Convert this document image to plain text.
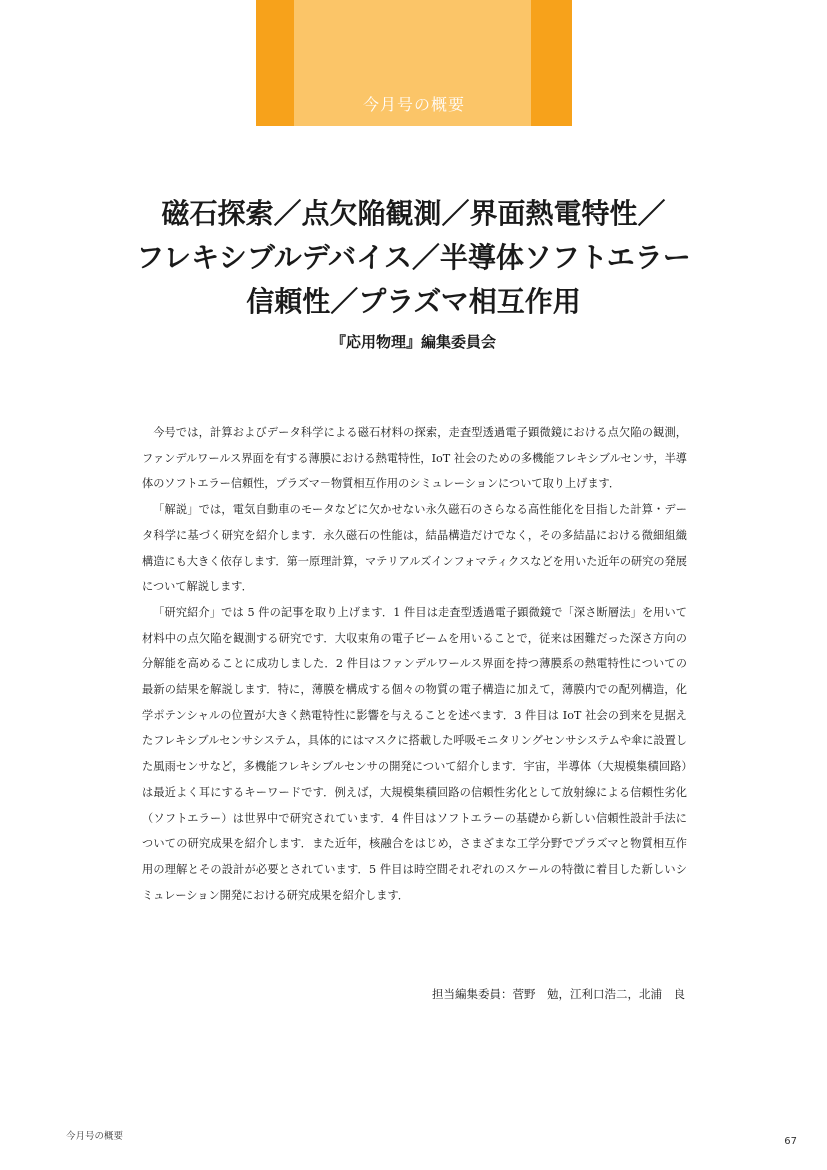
今月号の概要
磁石探索／点欠陥観測／界面熱電特性／
フレキシブルデバイス／半導体ソフトエラー
信頼性／プラズマ相互作用
『応用物理』編集委員会

今号では，計算およびデータ科学による磁石材料の探索，走査型透過電子顕微鏡における点欠陥の観測，ファンデルワールス界面を有する薄膜における熱電特性，IoT 社会のための多機能フレキシブルセンサ，半導体のソフトエラー信頼性，プラズマ－物質相互作用のシミュレーションについて取り上げます．

「解説」では，電気自動車のモータなどに欠かせない永久磁石のさらなる高性能化を目指した計算・データ科学に基づく研究を紹介します．永久磁石の性能は，結晶構造だけでなく，その多結晶における微細組織構造にも大きく依存します．第一原理計算，マテリアルズインフォマティクスなどを用いた近年の研究の発展について解説します．

「研究紹介」では 5 件の記事を取り上げます．1 件目は走査型透過電子顕微鏡で「深さ断層法」を用いて材料中の点欠陥を観測する研究です．大収束角の電子ビームを用いることで，従来は困難だった深さ方向の分解能を高めることに成功しました．2 件目はファンデルワールス界面を持つ薄膜系の熱電特性についての最新の結果を解説します．特に，薄膜を構成する個々の物質の電子構造に加えて，薄膜内での配列構造，化学ポテンシャルの位置が大きく熱電特性に影響を与えることを述べます．3 件目は IoT 社会の到来を見据えたフレキシブルセンサシステム，具体的にはマスクに搭載した呼吸モニタリングセンサシステムや傘に設置した風雨センサなど，多機能フレキシブルセンサの開発について紹介します．宇宙，半導体（大規模集積回路）は最近よく耳にするキーワードです．例えば，大規模集積回路の信頼性劣化として放射線による信頼性劣化（ソフトエラー）は世界中で研究されています．4 件目はソフトエラーの基礎から新しい信頼性設計手法についての研究成果を紹介します．また近年，核融合をはじめ，さまざまな工学分野でプラズマと物質相互作用の理解とその設計が必要とされています．5 件目は時空間それぞれのスケールの特徴に着目した新しいシミュレーション開発における研究成果を紹介します．

担当編集委員：菅野　勉，江利口浩二，北浦　良
今月号の概要	67
